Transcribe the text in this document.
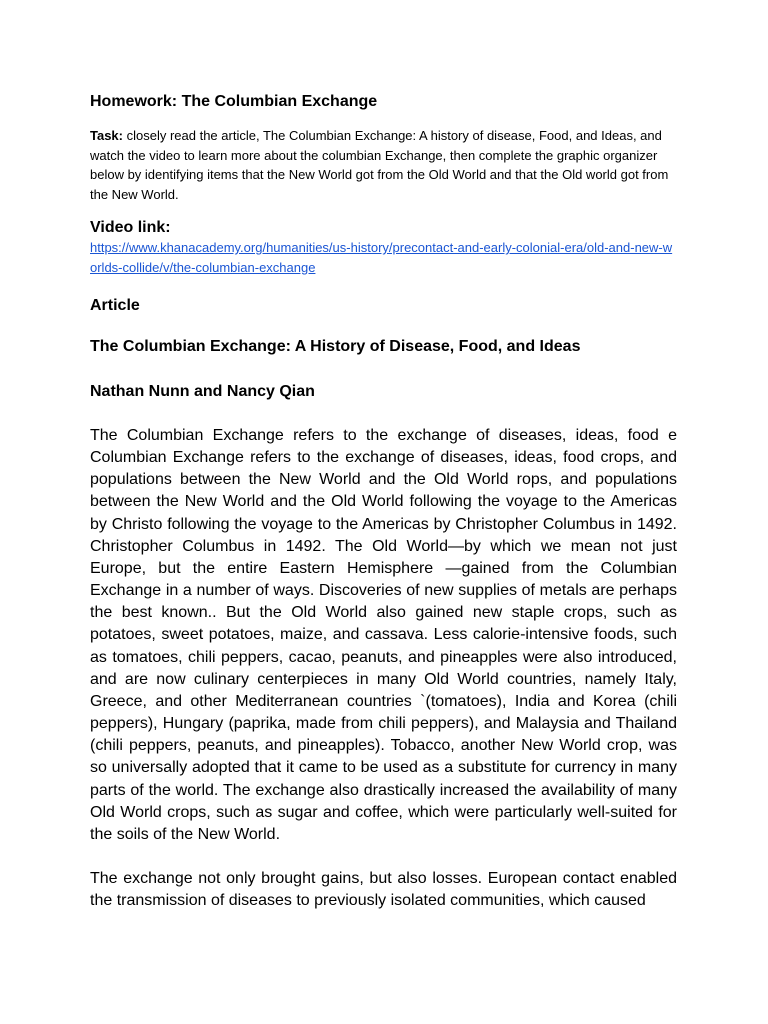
Homework: The Columbian Exchange

Task: closely read the article, The Columbian Exchange: A history of disease, Food, and Ideas, and watch the video to learn more about the columbian Exchange, then complete the graphic organizer below by identifying items that the New World got from the Old World and that the Old world got from the New World.

Video link:
https://www.khanacademy.org/humanities/us-history/precontact-and-early-colonial-era/old-and-new-worlds-collide/v/the-columbian-exchange
Article
The Columbian Exchange: A History of Disease, Food, and Ideas
Nathan Nunn and Nancy Qian

The Columbian Exchange refers to the exchange of diseases, ideas, food e Columbian Exchange refers to the exchange of diseases, ideas, food crops, and populations between the New World and the Old World rops, and populations between the New World and the Old World following the voyage to the Americas by Christo following the voyage to the Americas by Christopher Columbus in 1492. Christopher Columbus in 1492. The Old World—by which we mean not just Europe, but the entire Eastern Hemisphere —gained from the Columbian Exchange in a number of ways. Discoveries of new supplies of metals are perhaps the best known.. But the Old World also gained new staple crops, such as potatoes, sweet potatoes, maize, and cassava. Less calorie-intensive foods, such as tomatoes, chili peppers, cacao, peanuts, and pineapples were also introduced, and are now culinary centerpieces in many Old World countries, namely Italy, Greece, and other Mediterranean countries `(tomatoes), India and Korea (chili peppers), Hungary (paprika, made from chili peppers), and Malaysia and Thailand (chili peppers, peanuts, and pineapples). Tobacco, another New World crop, was so universally adopted that it came to be used as a substitute for currency in many parts of the world. The exchange also drastically increased the availability of many Old World crops, such as sugar and coffee, which were particularly well-suited for the soils of the New World.

The exchange not only brought gains, but also losses. European contact enabled the transmission of diseases to previously isolated communities, which caused
